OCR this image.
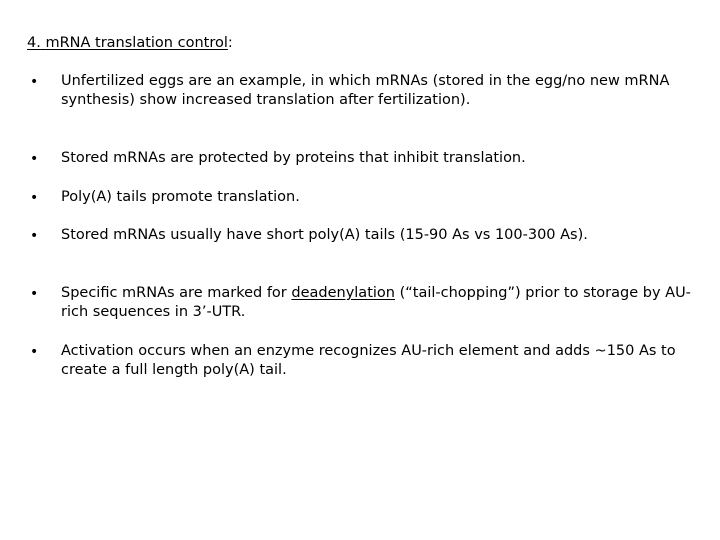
4. mRNA translation control:
• Unfertilized eggs are an example, in which mRNAs (stored in the egg/no new mRNA synthesis) show increased translation after fertilization).
• Stored mRNAs are protected by proteins that inhibit translation.
• Poly(A) tails promote translation.
• Stored mRNAs usually have short poly(A) tails (15-90 As vs 100-300 As).
• Specific mRNAs are marked for deadenylation (“tail-chopping”) prior to storage by AU-rich sequences in 3’-UTR.
• Activation occurs when an enzyme recognizes AU-rich element and adds ~150 As to create a full length poly(A) tail.
